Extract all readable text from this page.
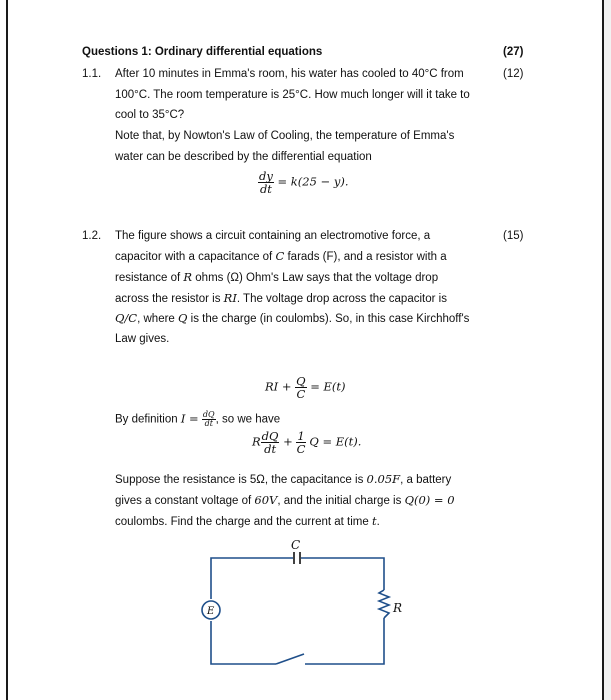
Questions 1: Ordinary differential equations	(27)
1.1.	(12)
After 10 minutes in Emma's room, his water has cooled to 40°C from
100°C. The room temperature is 25°C. How much longer will it take to
cool to 35°C?
Note that, by Nowton's Law of Cooling, the temperature of Emma's
water can be described by the differential equation
$\frac{dy}{dt} = k(25 - y)$.
1.2.	(15)
The figure shows a circuit containing an electromotive force, a
capacitor with a capacitance of C farads (F), and a resistor with a
resistance of R ohms (Ω) Ohm's Law says that the voltage drop
across the resistor is RI. The voltage drop across the capacitor is
Q/C, where Q is the charge (in coulombs). So, in this case Kirchhoff's
Law gives.
RI + $\frac{Q}{C} = E(t)$
By definition $I = \frac{dQ}{dt}$ , so we have
R $\frac{dQ}{dt} + \frac{1}{C}$ Q = E(t).
Suppose the resistance is 5Ω, the capacitance is 0.05F, a battery
gives a constant voltage of 60V, and the initial charge is Q(0) = 0
coulombs. Find the charge and the current at time t.
C
E	R
